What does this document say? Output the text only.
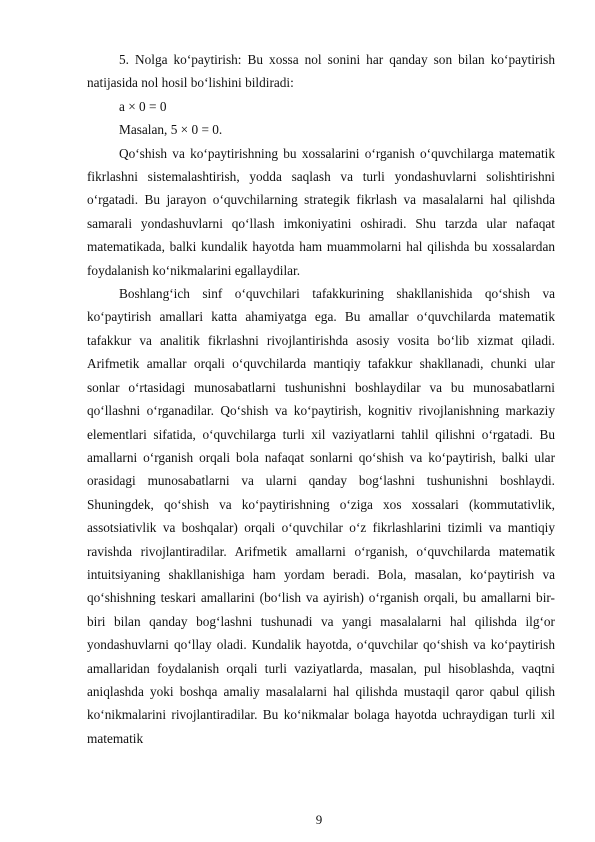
5. Nolga ko‘paytirish: Bu xossa nol sonini har qanday son bilan ko‘paytirish natijasida nol hosil bo‘lishini bildiradi:

a × 0 = 0

Masalan, 5 × 0 = 0.

Qo‘shish va ko‘paytirishning bu xossalarini o‘rganish o‘quvchilarga matematik fikrlashni sistemalashtirish, yodda saqlash va turli yondashuvlarni solishtirishni o‘rgatadi. Bu jarayon o‘quvchilarning strategik fikrlash va masalalarni hal qilishda samarali yondashuvlarni qo‘llash imkoniyatini oshiradi. Shu tarzda ular nafaqat matematikada, balki kundalik hayotda ham muammolarni hal qilishda bu xossalardan foydalanish ko‘nikmalarini egallaydilar.

Boshlang‘ich sinf o‘quvchilari tafakkurining shakllanishida qo‘shish va ko‘paytirish amallari katta ahamiyatga ega. Bu amallar o‘quvchilarda matematik tafakkur va analitik fikrlashni rivojlantirishda asosiy vosita bo‘lib xizmat qiladi. Arifmetik amallar orqali o‘quvchilarda mantiqiy tafakkur shakllanadi, chunki ular sonlar o‘rtasidagi munosabatlarni tushunishni boshlaydilar va bu munosabatlarni qo‘llashni o‘rganadilar. Qo‘shish va ko‘paytirish, kognitiv rivojlanishning markaziy elementlari sifatida, o‘quvchilarga turli xil vaziyatlarni tahlil qilishni o‘rgatadi. Bu amallarni o‘rganish orqali bola nafaqat sonlarni qo‘shish va ko‘paytirish, balki ular orasidagi munosabatlarni va ularni qanday bog‘lashni tushunishni boshlaydi. Shuningdek, qo‘shish va ko‘paytirishning o‘ziga xos xossalari (kommutativlik, assotsiativlik va boshqalar) orqali o‘quvchilar o‘z fikrlashlarini tizimli va mantiqiy ravishda rivojlantiradilar. Arifmetik amallarni o‘rganish, o‘quvchilarda matematik intuitsiyaning shakllanishiga ham yordam beradi. Bola, masalan, ko‘paytirish va qo‘shishning teskari amallarini (bo‘lish va ayirish) o‘rganish orqali, bu amallarni bir-biri bilan qanday bog‘lashni tushunadi va yangi masalalarni hal qilishda ilg‘or yondashuvlarni qo‘llay oladi. Kundalik hayotda, o‘quvchilar qo‘shish va ko‘paytirish amallaridan foydalanish orqali turli vaziyatlarda, masalan, pul hisoblashda, vaqtni aniqlashda yoki boshqa amaliy masalalarni hal qilishda mustaqil qaror qabul qilish ko‘nikmalarini rivojlantiradilar. Bu ko‘nikmalar bolaga hayotda uchraydigan turli xil matematik

9
